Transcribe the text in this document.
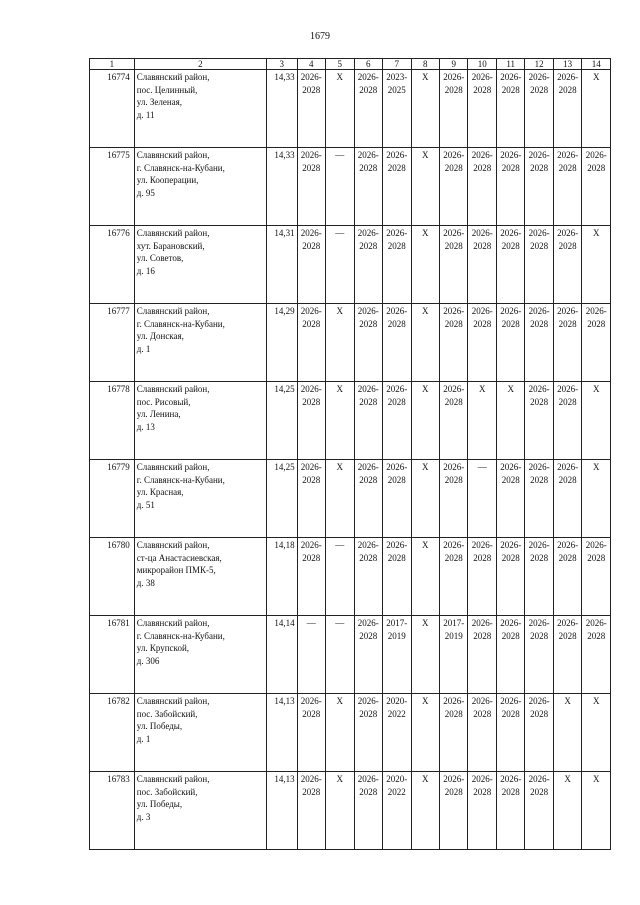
1679
1	2	3	4	5	6	7	8	9	10	11	12	13	14
16774	Славянский район,
пос. Целинный,
ул. Зеленая,
д. 11	14,33	2026-
2028	X	2026-
2028	2023-
2025	X	2026-
2028	2026-
2028	2026-
2028	2026-
2028	2026-
2028	X

16775	Славянский район,
г. Славянск-на-Кубани,
ул. Кооперации,
д. 95	14,33	2026-
2028	—	2026-
2028	2026-
2028	X	2026-
2028	2026-
2028	2026-
2028	2026-
2028	2026-
2028	2026-
2028

16776	Славянский район,
хут. Барановский,
ул. Советов,
д. 16	14,31	2026-
2028	—	2026-
2028	2026-
2028	X	2026-
2028	2026-
2028	2026-
2028	2026-
2028	2026-
2028	X

16777	Славянский район,
г. Славянск-на-Кубани,
ул. Донская,
д. 1	14,29	2026-
2028	X	2026-
2028	2026-
2028	X	2026-
2028	2026-
2028	2026-
2028	2026-
2028	2026-
2028	2026-
2028

16778	Славянский район,
пос. Рисовый,
ул. Ленина,
д. 13	14,25	2026-
2028	X	2026-
2028	2026-
2028	X	2026-
2028	X	X	2026-
2028	2026-
2028	X

16779	Славянский район,
г. Славянск-на-Кубани,
ул. Красная,
д. 51	14,25	2026-
2028	X	2026-
2028	2026-
2028	X	2026-
2028	—	2026-
2028	2026-
2028	2026-
2028	X

16780	Славянский район,
ст-ца Анастасиевская,
микрорайон ПМК-5,
д. 38	14,18	2026-
2028	—	2026-
2028	2026-
2028	X	2026-
2028	2026-
2028	2026-
2028	2026-
2028	2026-
2028	2026-
2028

16781	Славянский район,
г. Славянск-на-Кубани,
ул. Крупской,
д. 306	14,14	—	—	2026-
2028	2017-
2019	X	2017-
2019	2026-
2028	2026-
2028	2026-
2028	2026-
2028	2026-
2028

16782	Славянский район,
пос. Забойский,
ул. Победы,
д. 1	14,13	2026-
2028	X	2026-
2028	2020-
2022	X	2026-
2028	2026-
2028	2026-
2028	2026-
2028	X	X

16783	Славянский район,
пос. Забойский,
ул. Победы,
д. 3	14,13	2026-
2028	X	2026-
2028	2020-
2022	X	2026-
2028	2026-
2028	2026-
2028	2026-
2028	X	X
